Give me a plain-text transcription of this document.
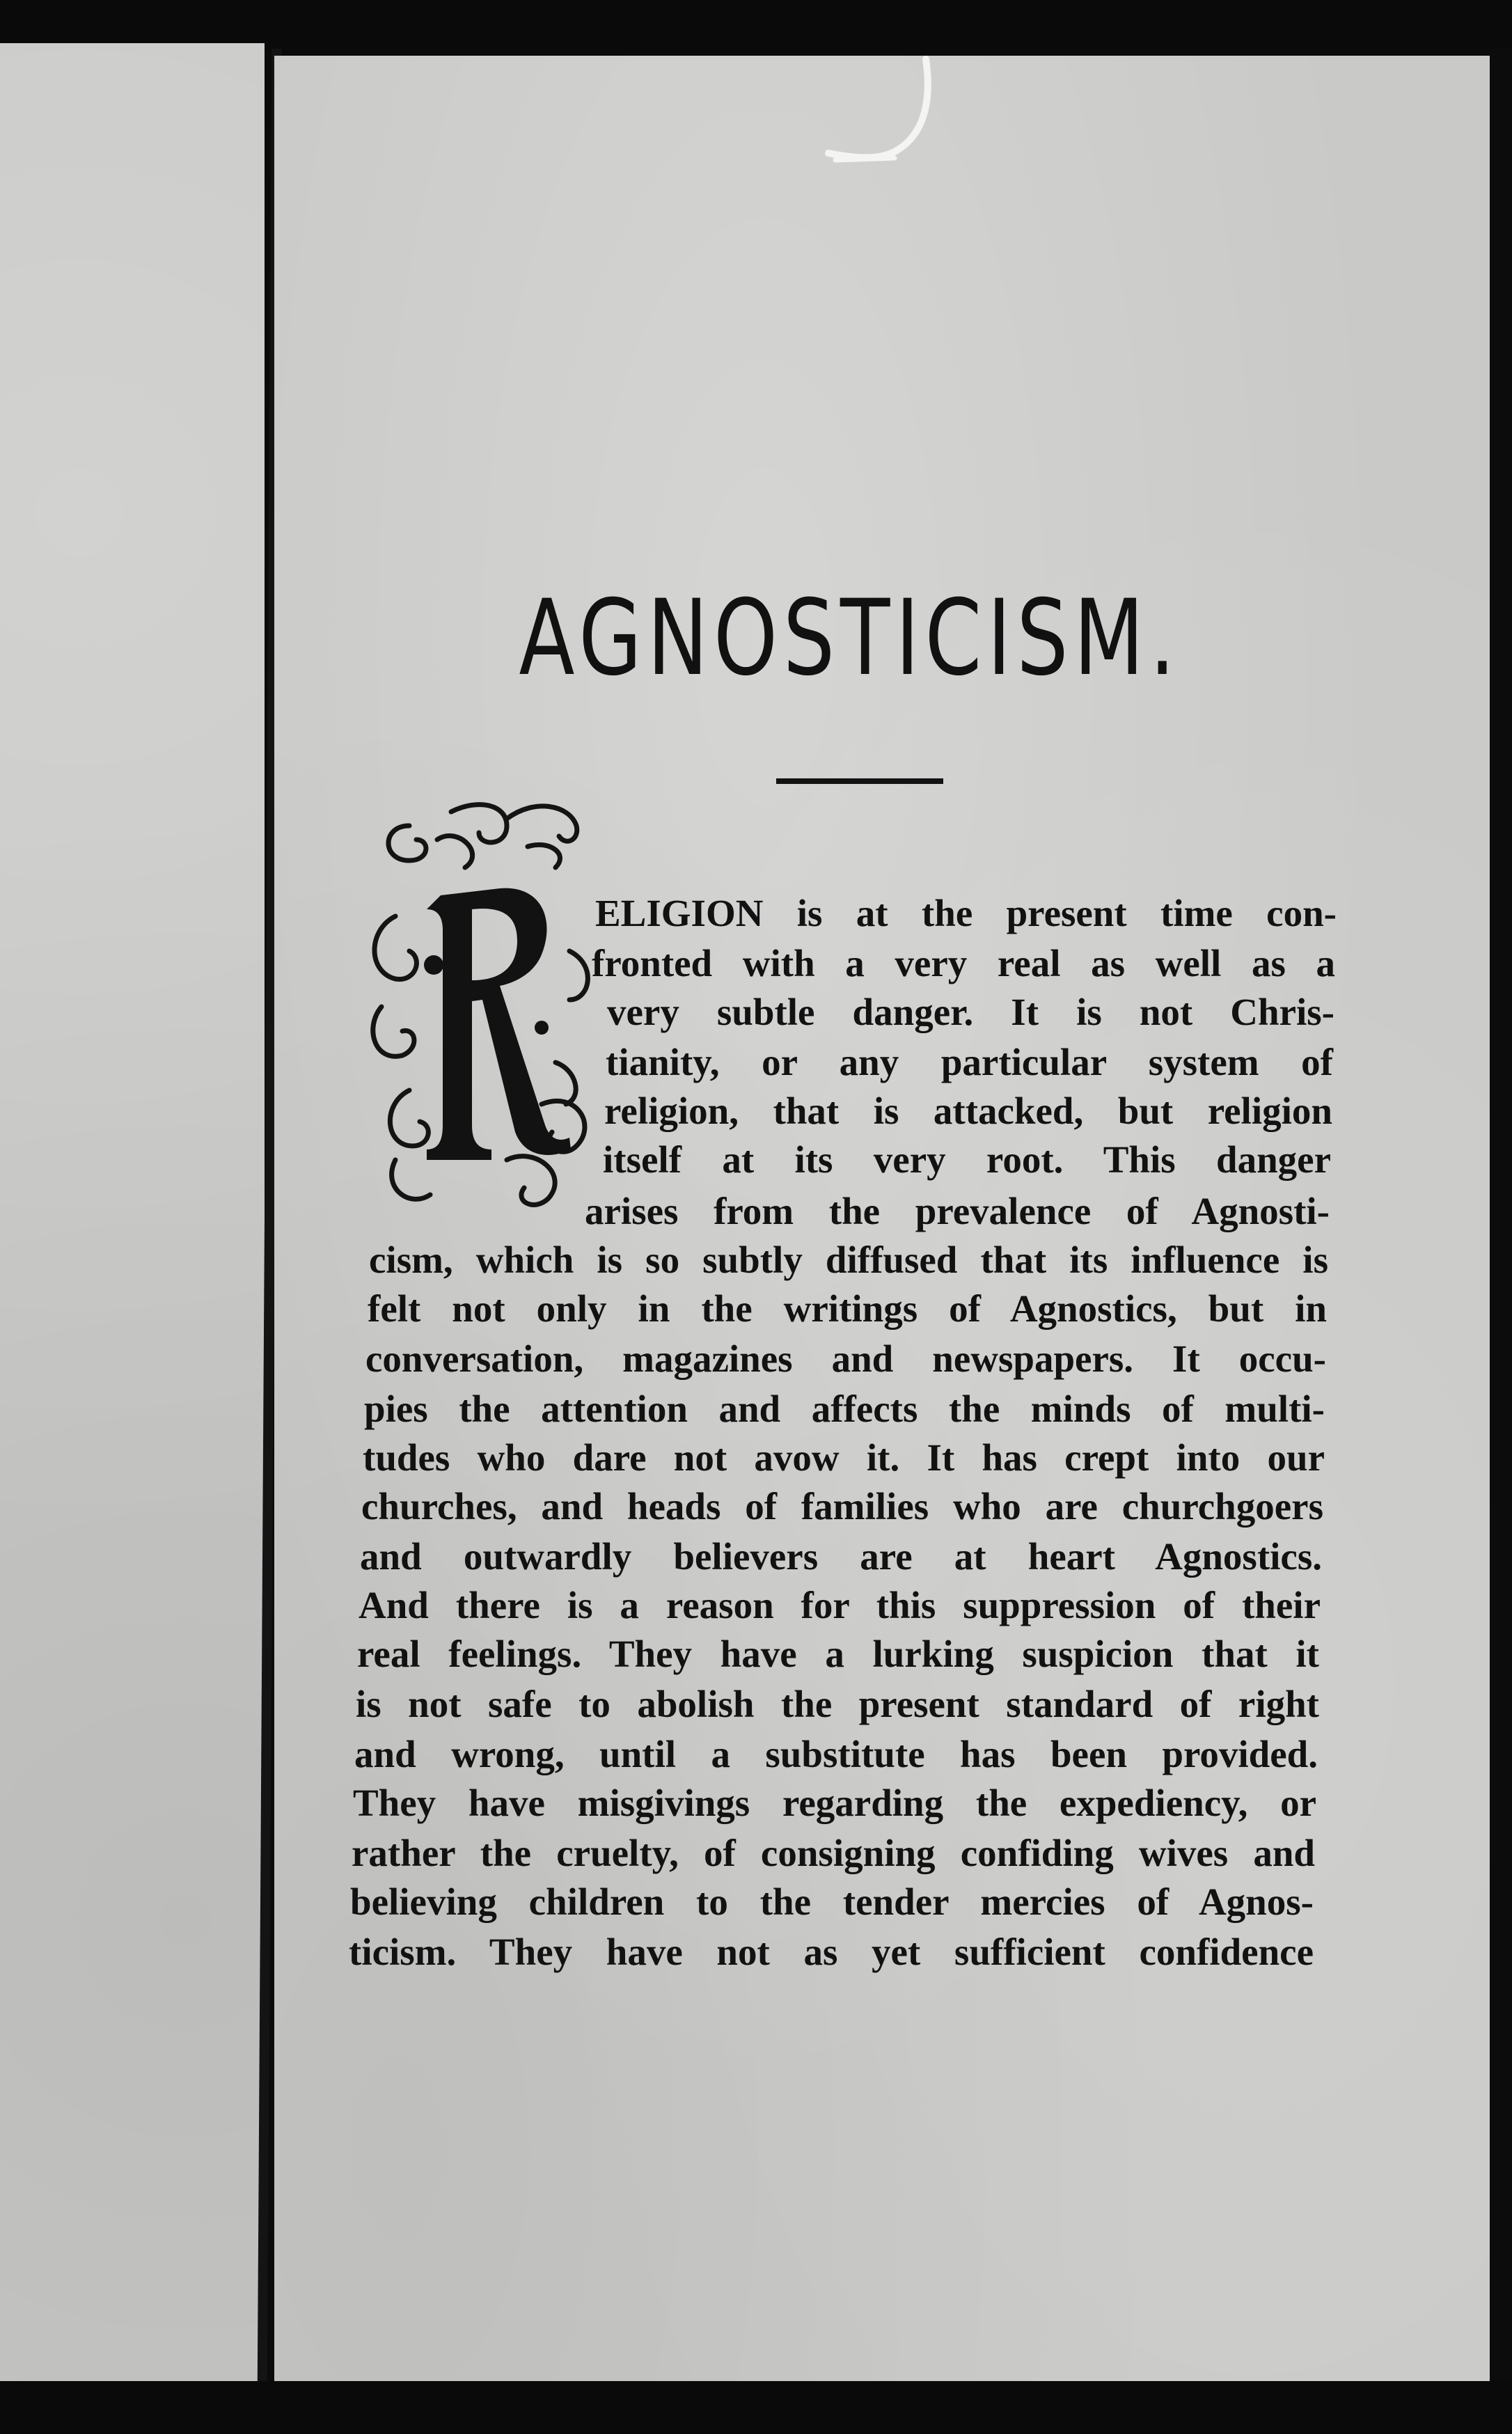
AGNOSTICISM.
ELIGION is at the present time con-
fronted with a very real as well as a
very subtle danger. It is not Chris-
tianity, or any particular system of
religion, that is attacked, but religion
itself at its very root. This danger
arises from the prevalence of Agnosti-
cism, which is so subtly diffused that its influence is
felt not only in the writings of Agnostics, but in
conversation, magazines and newspapers. It occu-
pies the attention and affects the minds of multi-
tudes who dare not avow it. It has crept into our
churches, and heads of families who are churchgoers
and outwardly believers are at heart Agnostics.
And there is a reason for this suppression of their
real feelings. They have a lurking suspicion that it
is not safe to abolish the present standard of right
and wrong, until a substitute has been provided.
They have misgivings regarding the expediency, or
rather the cruelty, of consigning confiding wives and
believing children to the tender mercies of Agnos-
ticism. They have not as yet sufficient confidence
